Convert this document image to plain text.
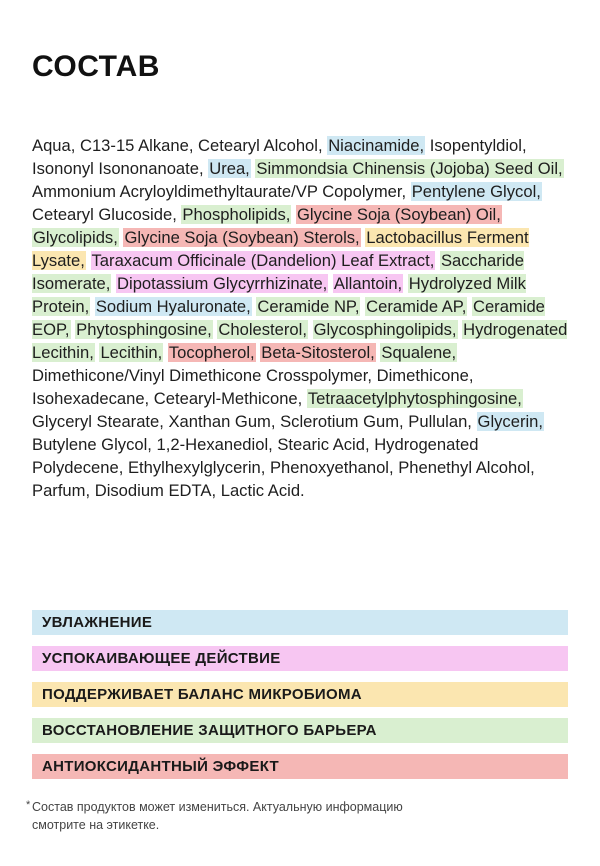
СОСТАВ

Aqua, C13-15 Alkane, Cetearyl Alcohol, Niacinamide, Isopentyldiol, Isononyl Isononanoate, Urea, Simmondsia Chinensis (Jojoba) Seed Oil, Ammonium Acryloyldimethyltaurate/VP Copolymer, Pentylene Glycol, Cetearyl Glucoside, Phospholipids, Glycine Soja (Soybean) Oil, Glycolipids, Glycine Soja (Soybean) Sterols, Lactobacillus Ferment Lysate, Taraxacum Officinale (Dandelion) Leaf Extract, Saccharide Isomerate, Dipotassium Glycyrrhizinate, Allantoin, Hydrolyzed Milk Protein, Sodium Hyaluronate, Ceramide NP, Ceramide AP, Ceramide EOP, Phytosphingosine, Cholesterol, Glycosphingolipids, Hydrogenated Lecithin, Lecithin, Tocopherol, Beta-Sitosterol, Squalene, Dimethicone/Vinyl Dimethicone Crosspolymer, Dimethicone, Isohexadecane, Cetearyl-Methicone, Tetraacetylphytosphingosine, Glyceryl Stearate, Xanthan Gum, Sclerotium Gum, Pullulan, Glycerin, Butylene Glycol, 1,2-Hexanediol, Stearic Acid, Hydrogenated Polydecene, Ethylhexylglycerin, Phenoxyethanol, Phenethyl Alcohol, Parfum, Disodium EDTA, Lactic Acid.

УВЛАЖНЕНИЕ
УСПОКАИВАЮЩЕЕ ДЕЙСТВИЕ
ПОДДЕРЖИВАЕТ БАЛАНС МИКРОБИОМА
ВОССТАНОВЛЕНИЕ ЗАЩИТНОГО БАРЬЕРА
АНТИОКСИДАНТНЫЙ ЭФФЕКТ
* Состав продуктов может измениться. Актуальную информацию
смотрите на этикетке.
